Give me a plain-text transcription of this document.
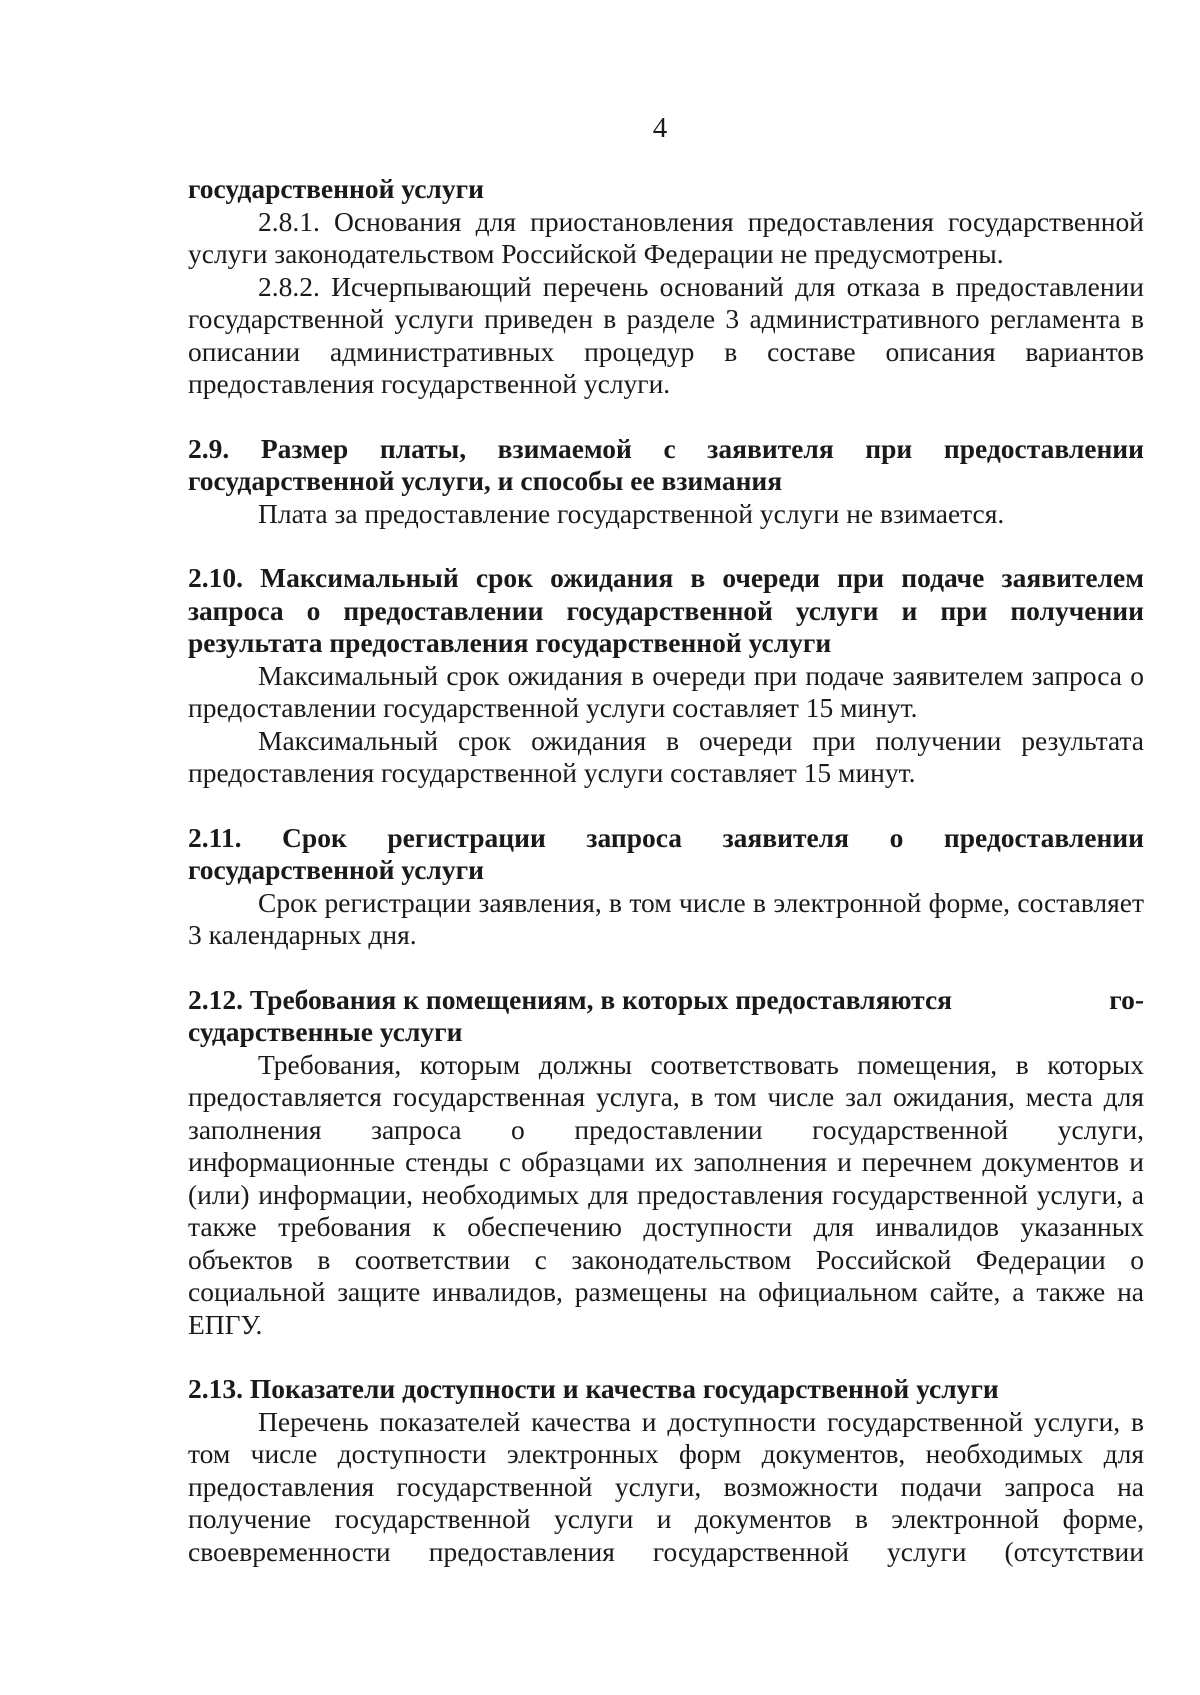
4

государственной услуги

2.8.1. Основания для приостановления предоставления государственной услуги законодательством Российской Федерации не предусмотрены.

2.8.2. Исчерпывающий перечень оснований для отказа в предоставлении государственной услуги приведен в разделе 3 административного регламента в описании административных процедур в составе описания вариантов предоставления государственной услуги.

2.9. Размер платы, взимаемой с заявителя при предоставлении государственной услуги, и способы ее взимания

Плата за предоставление государственной услуги не взимается.

2.10. Максимальный срок ожидания в очереди при подаче заявителем запроса о предоставлении государственной услуги и при получении результата предоставления государственной услуги

Максимальный срок ожидания в очереди при подаче заявителем запроса о предоставлении государственной услуги составляет 15 минут.

Максимальный срок ожидания в очереди при получении результата предоставления государственной услуги составляет 15 минут.

2.11. Срок регистрации запроса заявителя о предоставлении государственной услуги

Срок регистрации заявления, в том числе в электронной форме, составляет 3 календарных дня.

2.12. Требования к помещениям, в которых предоставляются	го-

сударственные услуги

Требования, которым должны соответствовать помещения, в которых предоставляется государственная услуга, в том числе зал ожидания, места для заполнения запроса о предоставлении государственной услуги, информационные стенды с образцами их заполнения и перечнем документов и (или) информации, необходимых для предоставления государственной услуги, а также требования к обеспечению доступности для инвалидов указанных объектов в соответствии с законодательством Российской Федерации о социальной защите инвалидов, размещены на официальном сайте, а также на ЕПГУ.

2.13. Показатели доступности и качества государственной услуги

Перечень показателей качества и доступности государственной услуги, в том числе доступности электронных форм документов, необходимых для предоставления государственной услуги, возможности подачи запроса на получение государственной услуги и документов в электронной форме, своевременности предоставления государственной услуги (отсутствии
